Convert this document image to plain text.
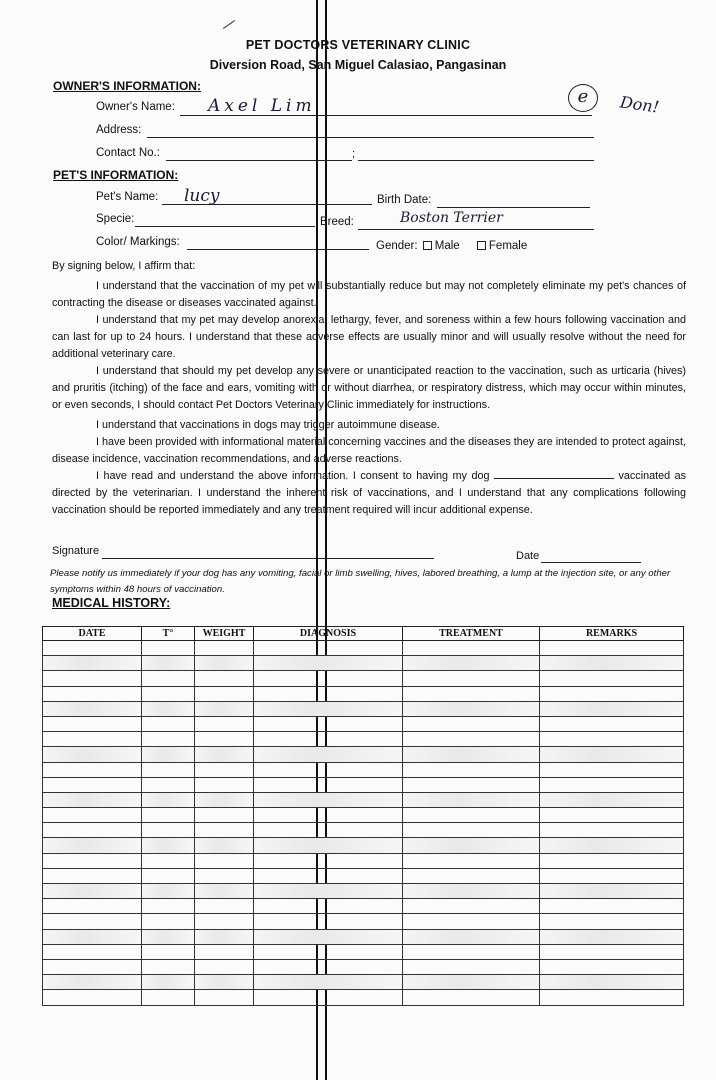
PET DOCTORS VETERINARY CLINIC
Diversion Road, San Miguel Calasiao, Pangasinan
OWNER'S INFORMATION:
Owner's Name: Axel Lim	e	Don!
Address:
Contact No.:	;
PET'S INFORMATION:
Pet's Name: lucy	Birth Date:
Specie:	Breed:	Boston Terrier
Color/ Markings:	Gender: Male	Female

By signing below, I affirm that:

I understand that the vaccination of my pet will substantially reduce but may not completely eliminate my pet's chances of contracting the disease or diseases vaccinated against.

I understand that my pet may develop anorexia, lethargy, fever, and soreness within a few hours following vaccination and can last for up to 24 hours. I understand that these adverse effects are usually minor and will usually resolve without the need for additional veterinary care.

I understand that should my pet develop any severe or unanticipated reaction to the vaccination, such as urticaria (hives) and pruritis (itching) of the face and ears, vomiting with or without diarrhea, or respiratory distress, which may occur within minutes, or even seconds, I should contact Pet Doctors Veterinary Clinic immediately for instructions.

I understand that vaccinations in dogs may trigger autoimmune disease.

I have been provided with informational material concerning vaccines and the diseases they are intended to protect against, disease incidence, vaccination recommendations, and adverse reactions.

I have read and understand the above information. I consent to having my dog	vaccinated as directed by the veterinarian. I understand the inherent risk of vaccinations, and I understand that any complications following vaccination should be reported immediately and any treatment required will incur additional expense.

Signature	Date
Please notify us immediately if your dog has any vomiting, facial or limb swelling, hives, labored breathing, a lump at the injection site, or any other symptoms within 48 hours of vaccination.
MEDICAL HISTORY:
DATE	T°	WEIGHT	DIAGNOSIS	TREATMENT	REMARKS
